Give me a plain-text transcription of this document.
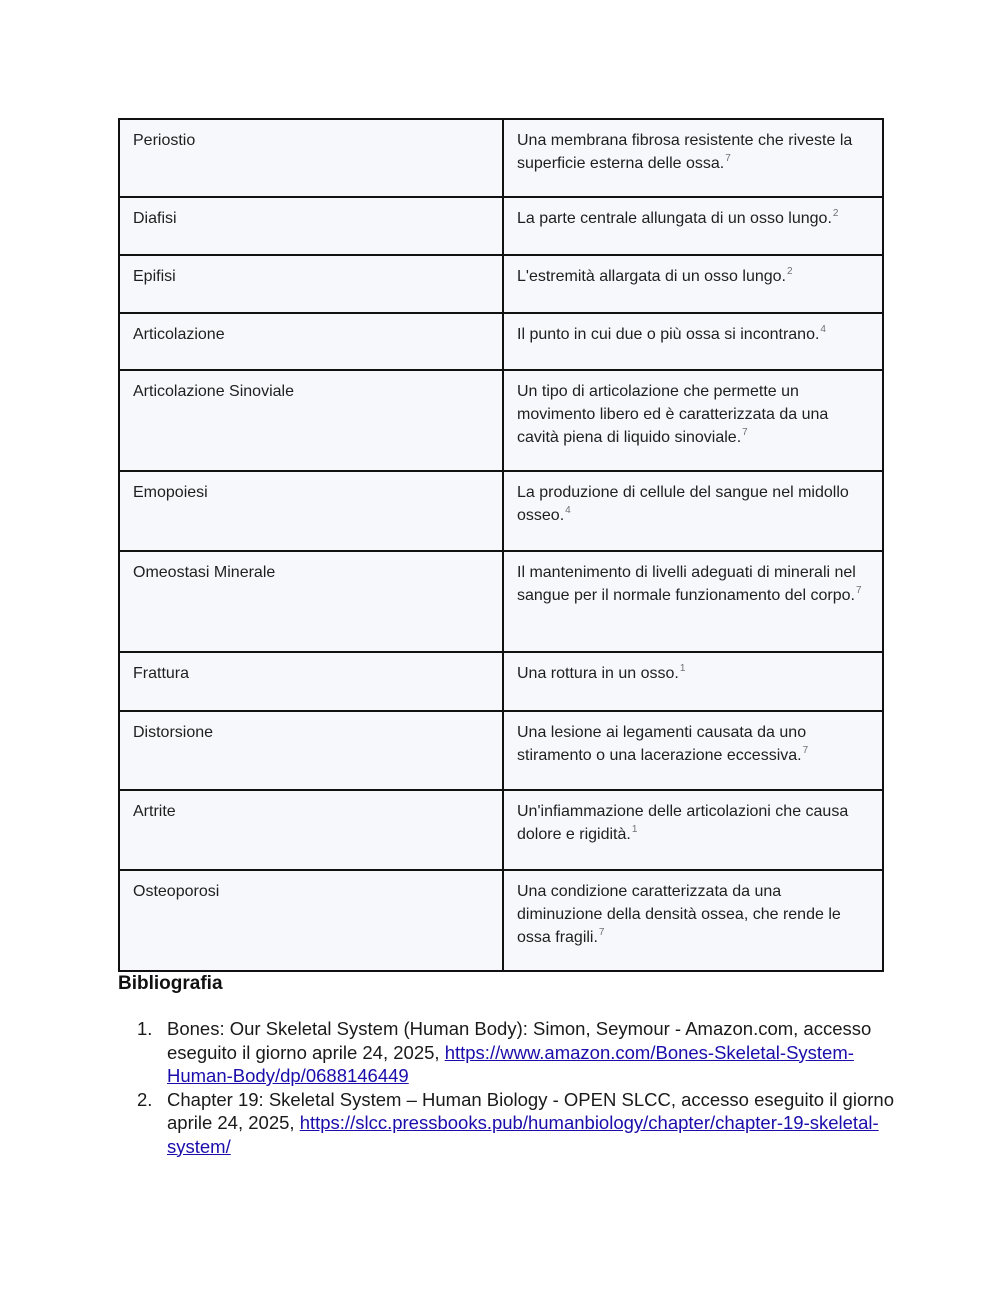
Periostio	Una membrana fibrosa resistente che riveste la superficie esterna delle ossa.$^7$
Diafisi	La parte centrale allungata di un osso lungo.$^2$
Epifisi	L'estremità allargata di un osso lungo.$^2$
Articolazione	Il punto in cui due o più ossa si incontrano.$^4$
Articolazione Sinoviale	Un tipo di articolazione che permette un movimento libero ed è caratterizzata da una cavità piena di liquido sinoviale.$^7$
Emopoiesi	La produzione di cellule del sangue nel midollo osseo.$^4$
Omeostasi Minerale	Il mantenimento di livelli adeguati di minerali nel sangue per il normale funzionamento del corpo.$^7$
Frattura	Una rottura in un osso.$^1$
Distorsione	Una lesione ai legamenti causata da uno stiramento o una lacerazione eccessiva.$^7$
Artrite	Un'infiammazione delle articolazioni che causa dolore e rigidità.$^1$
Osteoporosi	Una condizione caratterizzata da una diminuzione della densità ossea, che rende le ossa fragili.$^7$
Bibliografia
1. Bones: Our Skeletal System (Human Body): Simon, Seymour - Amazon.com, accesso eseguito il giorno aprile 24, 2025, https://www.amazon.com/Bones-Skeletal-System-Human-Body/dp/0688146449
2. Chapter 19: Skeletal System – Human Biology - OPEN SLCC, accesso eseguito il giorno aprile 24, 2025, https://slcc.pressbooks.pub/humanbiology/chapter/chapter-19-skeletal-system/
